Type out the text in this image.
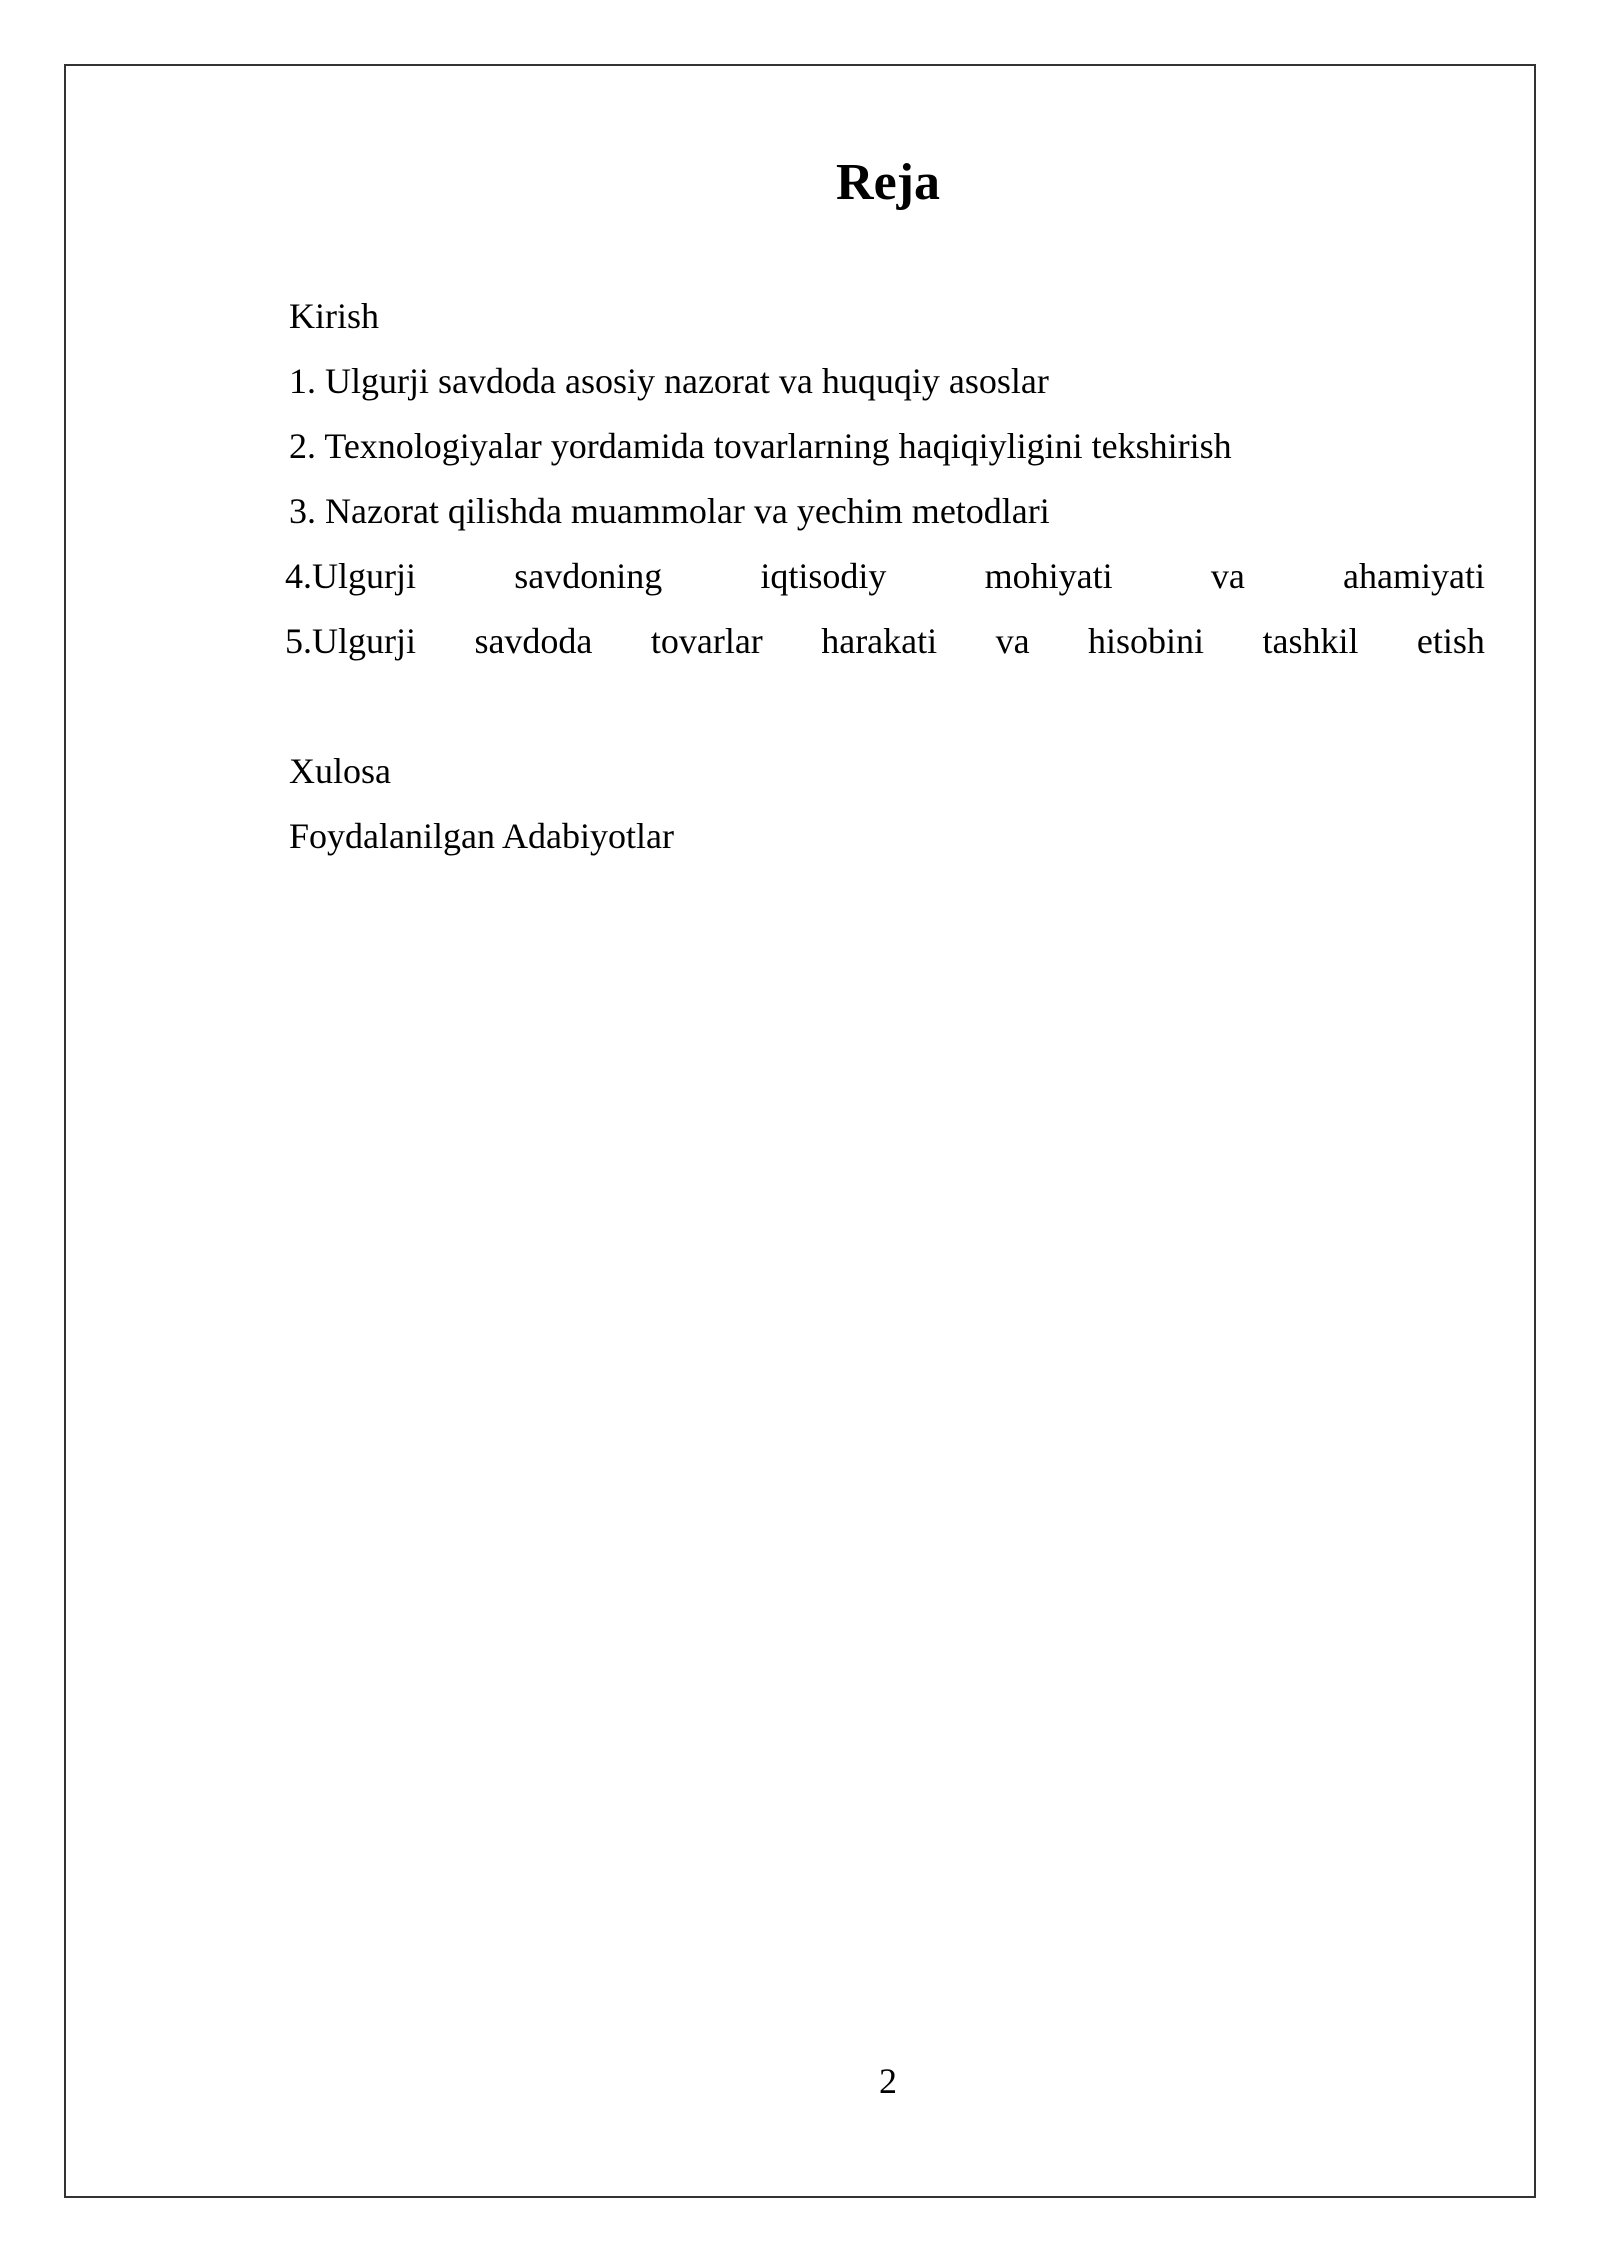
Reja

Kirish

1. Ulgurji savdoda asosiy nazorat va huquqiy asoslar

2. Texnologiyalar yordamida tovarlarning haqiqiyligini tekshirish

3. Nazorat qilishda muammolar va yechim metodlari

4.Ulgurji	savdoning	iqtisodiy	mohiyati	va	ahamiyati

5.Ulgurji savdoda tovarlar harakati va hisobini tashkil etish

Xulosa

Foydalanilgan Adabiyotlar

2
